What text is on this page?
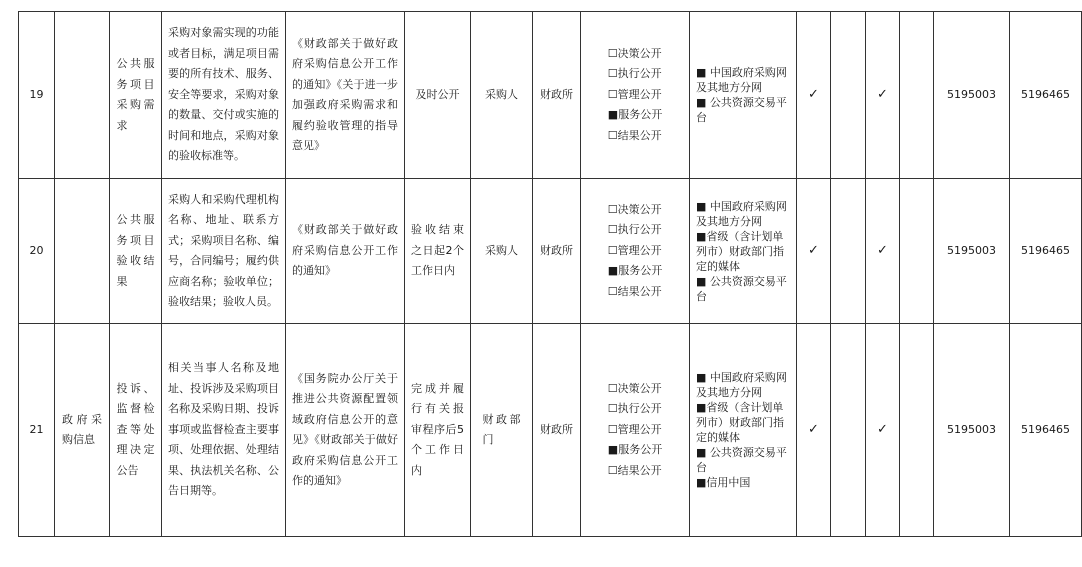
19		公共服务项目采购需求	采购对象需实现的功能或者目标，满足项目需要的所有技术、服务、安全等要求，采购对象的数量、交付或实施的时间和地点，采购对象的验收标准等。	《财政部关于做好政府采购信息公开工作的通知》《关于进一步加强政府采购需求和履约验收管理的指导意见》	及时公开	采购人	财政所	☐决策公开
☐执行公开
☐管理公开
■服务公开
☐结果公开	■ 中国政府采购网及其地方分网
■ 公共资源交易平台	✓		✓		5195003	5196465
20		公共服务项目验收结果	采购人和采购代理机构名称、地址、联系方式；采购项目名称、编号，合同编号；履约供应商名称；验收单位；验收结果；验收人员。	《财政部关于做好政府采购信息公开工作的通知》	验收结束之日起2个工作日内	采购人	财政所	☐决策公开
☐执行公开
☐管理公开
■服务公开
☐结果公开	■ 中国政府采购网及其地方分网
■省级（含计划单列市）财政部门指定的媒体
■ 公共资源交易平台	✓		✓		5195003	5196465
21	政府采购信息	投诉、监督检查等处理决定公告	相关当事人名称及地址、投诉涉及采购项目名称及采购日期、投诉事项或监督检查主要事项、处理依据、处理结果、执法机关名称、公告日期等。	《国务院办公厅关于推进公共资源配置领域政府信息公开的意见》《财政部关于做好政府采购信息公开工作的通知》	完成并履行有关报审程序后5个工作日内	财政部门	财政所	☐决策公开
☐执行公开
☐管理公开
■服务公开
☐结果公开	■ 中国政府采购网及其地方分网
■省级（含计划单列市）财政部门指定的媒体
■ 公共资源交易平台
■信用中国	✓		✓		5195003	5196465
